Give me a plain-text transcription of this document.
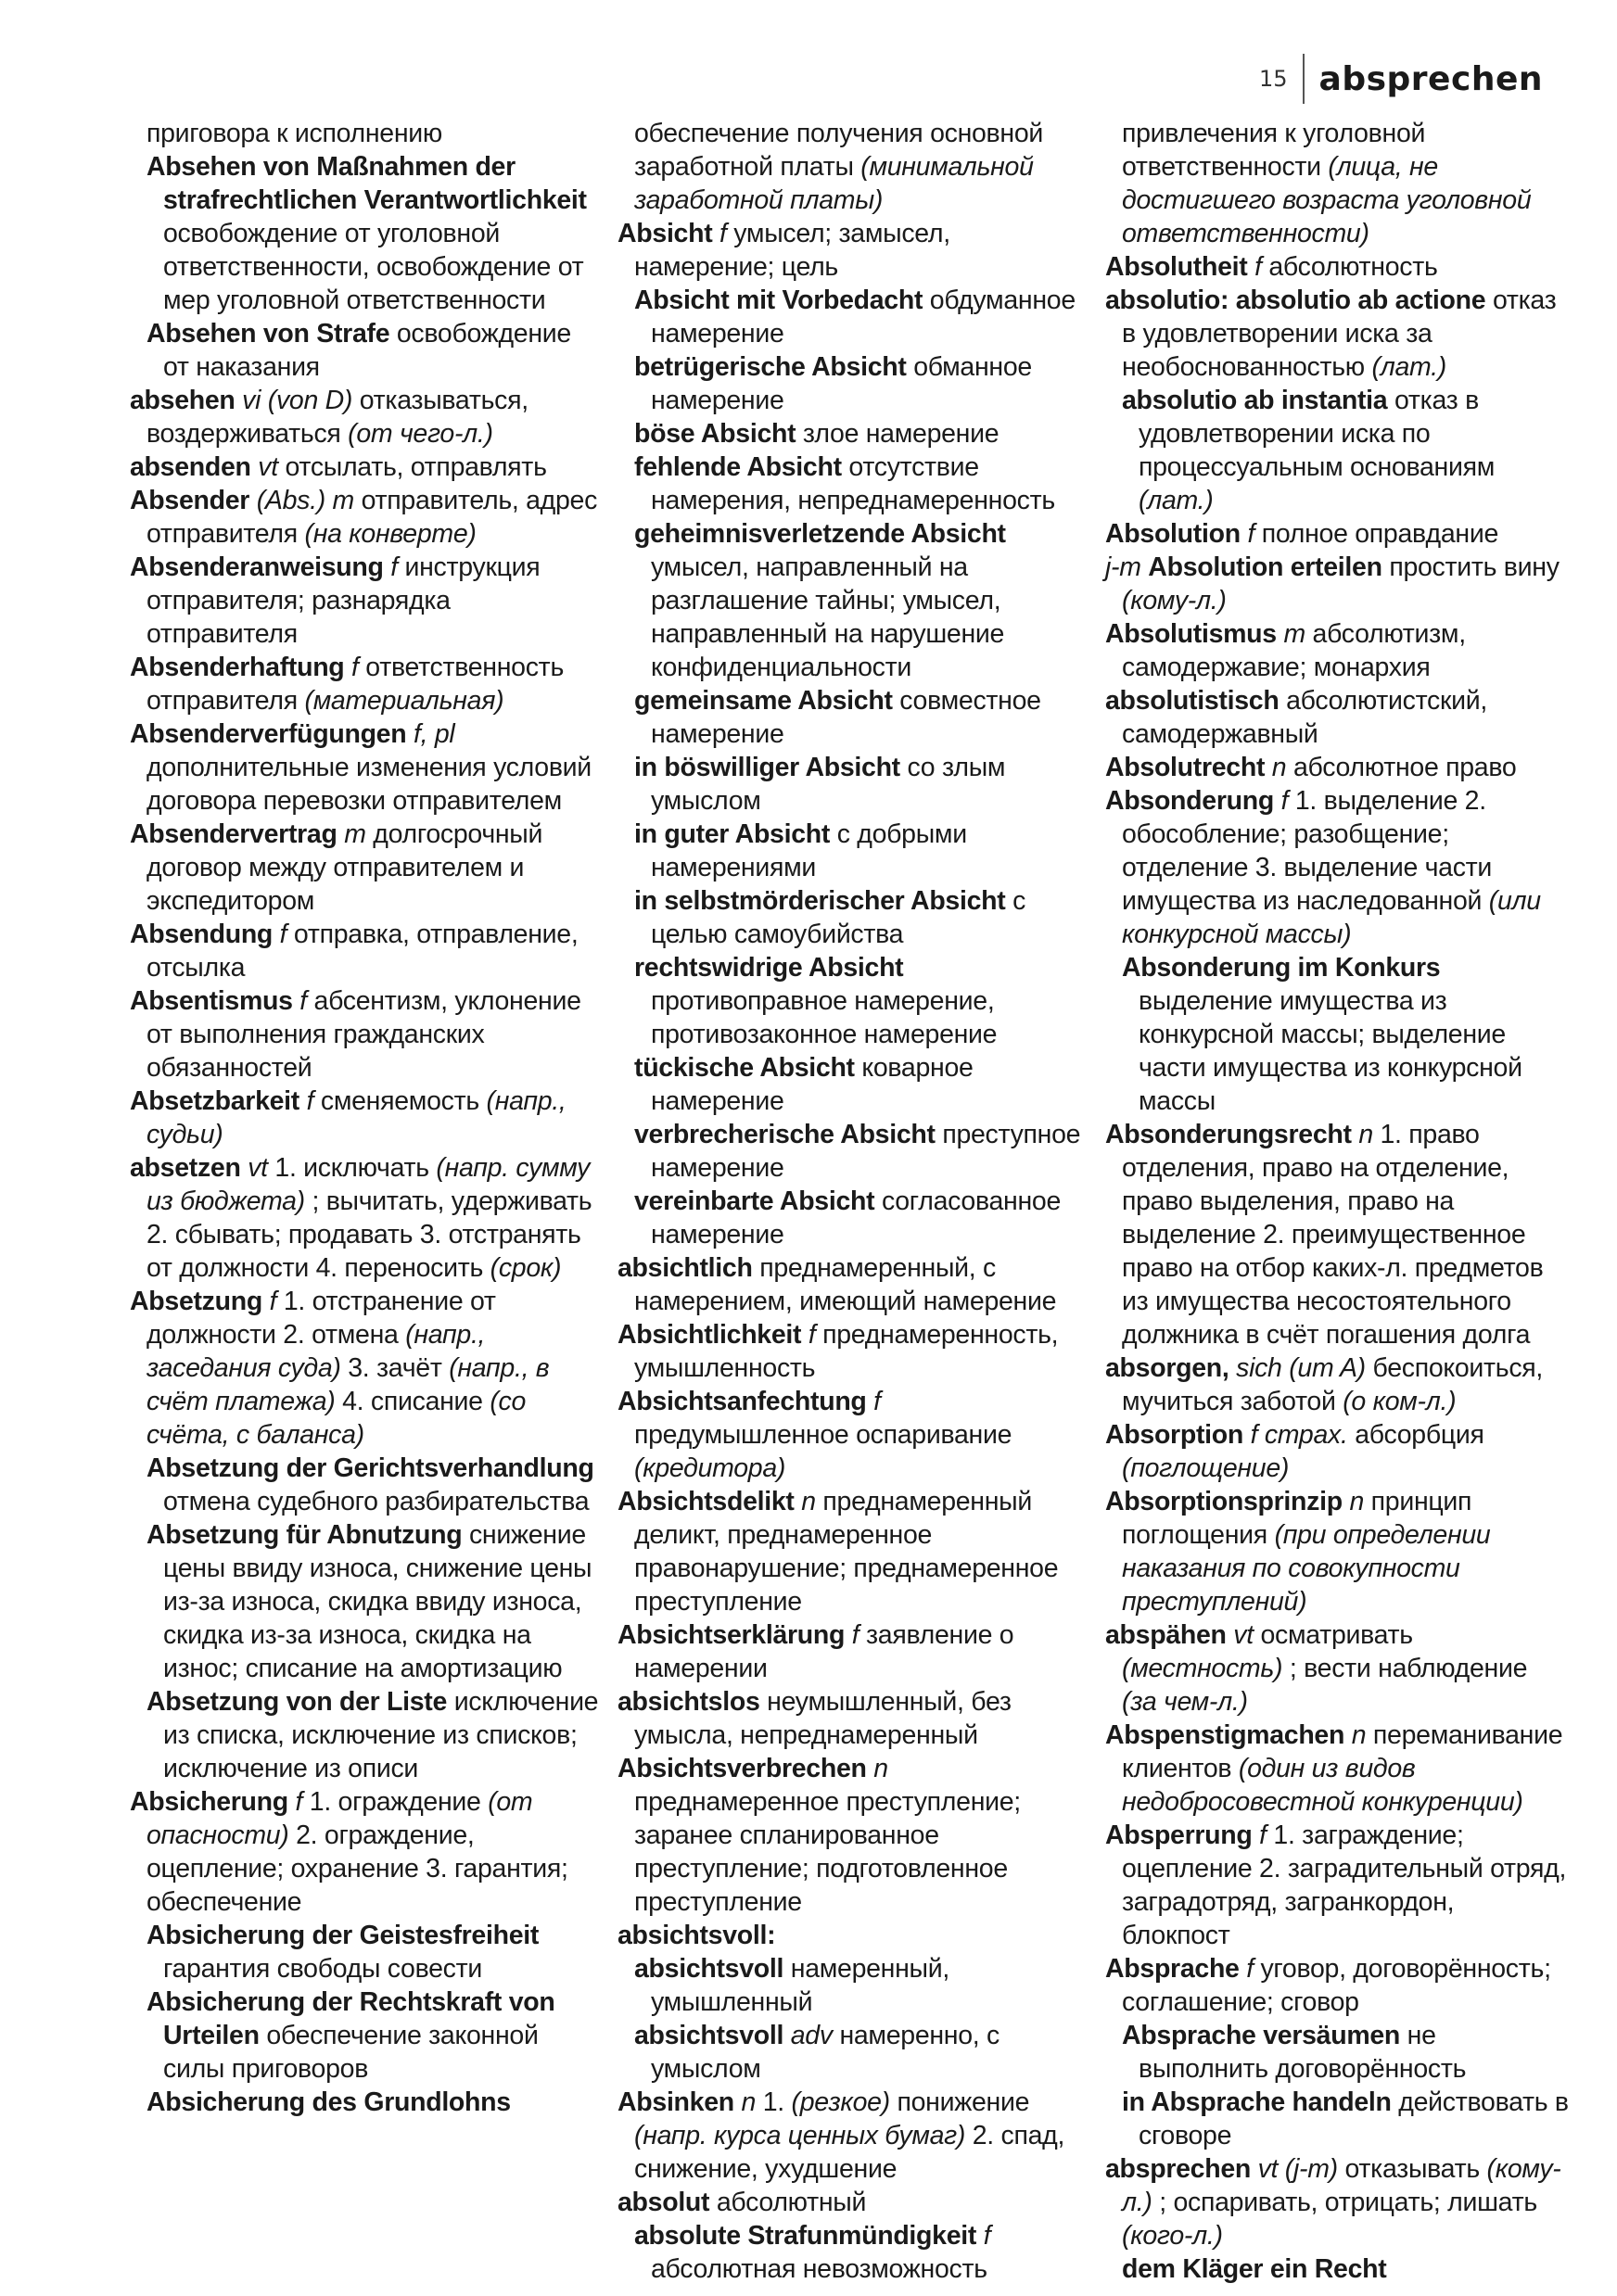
15 absprechen
приговора к исполнению
Absehen von Maßnahmen der strafrechtlichen Verantwortlichkeit освобождение от уголовной ответственности, освобождение от мер уголовной ответственности
Absehen von Strafe освобождение от наказания
absehen vi (von D) отказываться, воздерживаться (от чего-л.)
absenden vt отсылать, отправлять
Absender (Abs.) m отправитель, адрес отправителя (на конверте)
Absenderanweisung f инструкция отправителя; разнарядка отправителя
Absenderhaftung f ответственность отправителя (материальная)
Absenderverfügungen f, pl дополнительные изменения условий договора перевозки отправителем
Absendervertrag m долгосрочный договор между отправителем и экспедитором
Absendung f отправка, отправление, отсылка
Absentismus f абсентизм, уклонение от выполнения гражданских обязанностей
Absetzbarkeit f сменяемость (напр., судьи)
absetzen vt 1. исключать (напр. сумму из бюджета) ; вычитать, удерживать 2. сбывать; продавать 3. отстранять от должности 4. переносить (срок)
Absetzung f 1. отстранение от должности 2. отмена (напр., заседания суда) 3. зачёт (напр., в счёт платежа) 4. списание (со счёта, с баланса)
Absetzung der Gerichtsverhandlung отмена судебного разбирательства
Absetzung für Abnutzung снижение цены ввиду износа, снижение цены из-за износа, скидка ввиду износа, скидка из-за износа, скидка на износ; списание на амортизацию
Absetzung von der Liste исключение из списка, исключение из списков; исключение из описи
Absicherung f 1. ограждение (от опасности) 2. ограждение, оцепление; охранение 3. гарантия; обеспечение
Absicherung der Geistesfreiheit гарантия свободы совести
Absicherung der Rechtskraft von Urteilen обеспечение законной силы приговоров
Absicherung des Grundlohns
обеспечение получения основной заработной платы (минимальной заработной платы)
Absicht f умысел; замысел, намерение; цель
Absicht mit Vorbedacht обдуманное намерение
betrügerische Absicht обманное намерение
böse Absicht злое намерение
fehlende Absicht отсутствие намерения, непреднамеренность
geheimnisverletzende Absicht умысел, направленный на разглашение тайны; умысел, направленный на нарушение конфиденциальности
gemeinsame Absicht совместное намерение
in böswilliger Absicht со злым умыслом
in guter Absicht с добрыми намерениями
in selbstmörderischer Absicht с целью самоубийства
rechtswidrige Absicht противоправное намерение, противозаконное намерение
tückische Absicht коварное намерение
verbrecherische Absicht преступное намерение
vereinbarte Absicht согласованное намерение
absichtlich преднамеренный, с намерением, имеющий намерение
Absichtlichkeit f преднамеренность, умышленность
Absichtsanfechtung f предумышленное оспаривание (кредитора)
Absichtsdelikt n преднамеренный деликт, преднамеренное правонарушение; преднамеренное преступление
Absichtserklärung f заявление о намерении
absichtslos неумышленный, без умысла, непреднамеренный
Absichtsverbrechen n преднамеренное преступление; заранее спланированное преступление; подготовленное преступление
absichtsvoll:
absichtsvoll намеренный, умышленный
absichtsvoll adv намеренно, с умыслом
Absinken n 1. (резкое) понижение (напр. курса ценных бумаг) 2. спад, снижение, ухудшение
absolut абсолютный
absolute Strafunmündigkeit f абсолютная невозможность
привлечения к уголовной ответственности (лица, не достигшего возраста уголовной ответственности)
Absolutheit f абсолютность
absolutio: absolutio ab actione отказ в удовлетворении иска за необоснованностью (лат.)
absolutio ab instantia отказ в удовлетворении иска по процессуальным основаниям (лат.)
Absolution f полное оправдание
j-m Absolution erteilen простить вину (кому-л.)
Absolutismus m абсолютизм, самодержавие; монархия
absolutistisch абсолютистский, самодержавный
Absolutrecht n абсолютное право
Absonderung f 1. выделение 2. обособление; разобщение; отделение 3. выделение части имущества из наследованной (или конкурсной массы)
Absonderung im Konkurs выделение имущества из конкурсной массы; выделение части имущества из конкурсной массы
Absonderungsrecht n 1. право отделения, право на отделение, право выделения, право на выделение 2. преимущественное право на отбор каких-л. предметов из имущества несостоятельного должника в счёт погашения долга
absorgen, sich (um A) беспокоиться, мучиться заботой (о ком-л.)
Absorption f страх. абсорбция (поглощение)
Absorptionsprinzip n принцип поглощения (при определении наказания по совокупности преступлений)
abspähen vt осматривать (местность) ; вести наблюдение (за чем-л.)
Abspenstigmachen n переманивание клиентов (один из видов недобросовестной конкуренции)
Absperrung f 1. заграждение; оцепление 2. заградительный отряд, заградотряд, загранкордон, блокпост
Absprache f уговор, договорённость; соглашение; сговор
Absprache versäumen не выполнить договорённость
in Absprache handeln действовать в сговоре
absprechen vt (j-m) отказывать (кому-л.) ; оспаривать, отрицать; лишать (кого-л.)
dem Kläger ein Recht
